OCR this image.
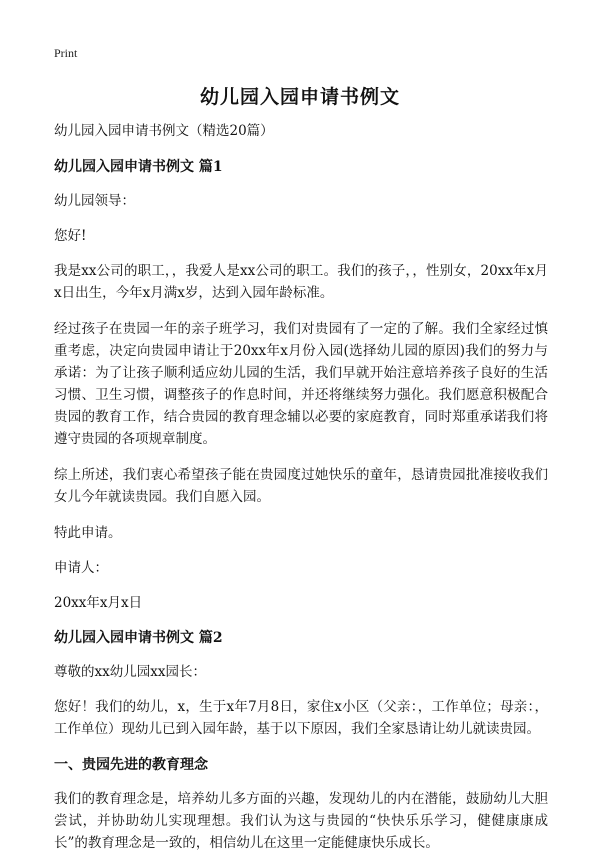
Print
幼儿园入园申请书例文

幼儿园入园申请书例文（精选20篇）

幼儿园入园申请书例文 篇1

幼儿园领导：

您好!

我是xx公司的职工，，我爱人是xx公司的职工。我们的孩子，，性别女，20xx年x月x日出生，今年x月满x岁，达到入园年龄标准。

经过孩子在贵园一年的亲子班学习，我们对贵园有了一定的了解。我们全家经过慎重考虑，决定向贵园申请让于20xx年x月份入园(选择幼儿园的原因)我们的努力与承诺：为了让孩子顺利适应幼儿园的生活，我们早就开始注意培养孩子良好的生活习惯、卫生习惯，调整孩子的作息时间，并还将继续努力强化。我们愿意积极配合贵园的教育工作，结合贵园的教育理念辅以必要的家庭教育，同时郑重承诺我们将遵守贵园的各项规章制度。

综上所述，我们衷心希望孩子能在贵园度过她快乐的童年，恳请贵园批准接收我们女儿今年就读贵园。我们自愿入园。

特此申请。

申请人：

20xx年x月x日

幼儿园入园申请书例文 篇2

尊敬的xx幼儿园xx园长：

您好！我们的幼儿，x，生于x年7月8日，家住x小区（父亲：，工作单位；母亲：，工作单位）现幼儿已到入园年龄，基于以下原因，我们全家恳请让幼儿就读贵园。

一、贵园先进的教育理念

我们的教育理念是，培养幼儿多方面的兴趣，发现幼儿的内在潜能，鼓励幼儿大胆尝试，并协助幼儿实现理想。我们认为这与贵园的“快快乐乐学习，健健康康成长”的教育理念是一致的，相信幼儿在这里一定能健康快乐成长。
